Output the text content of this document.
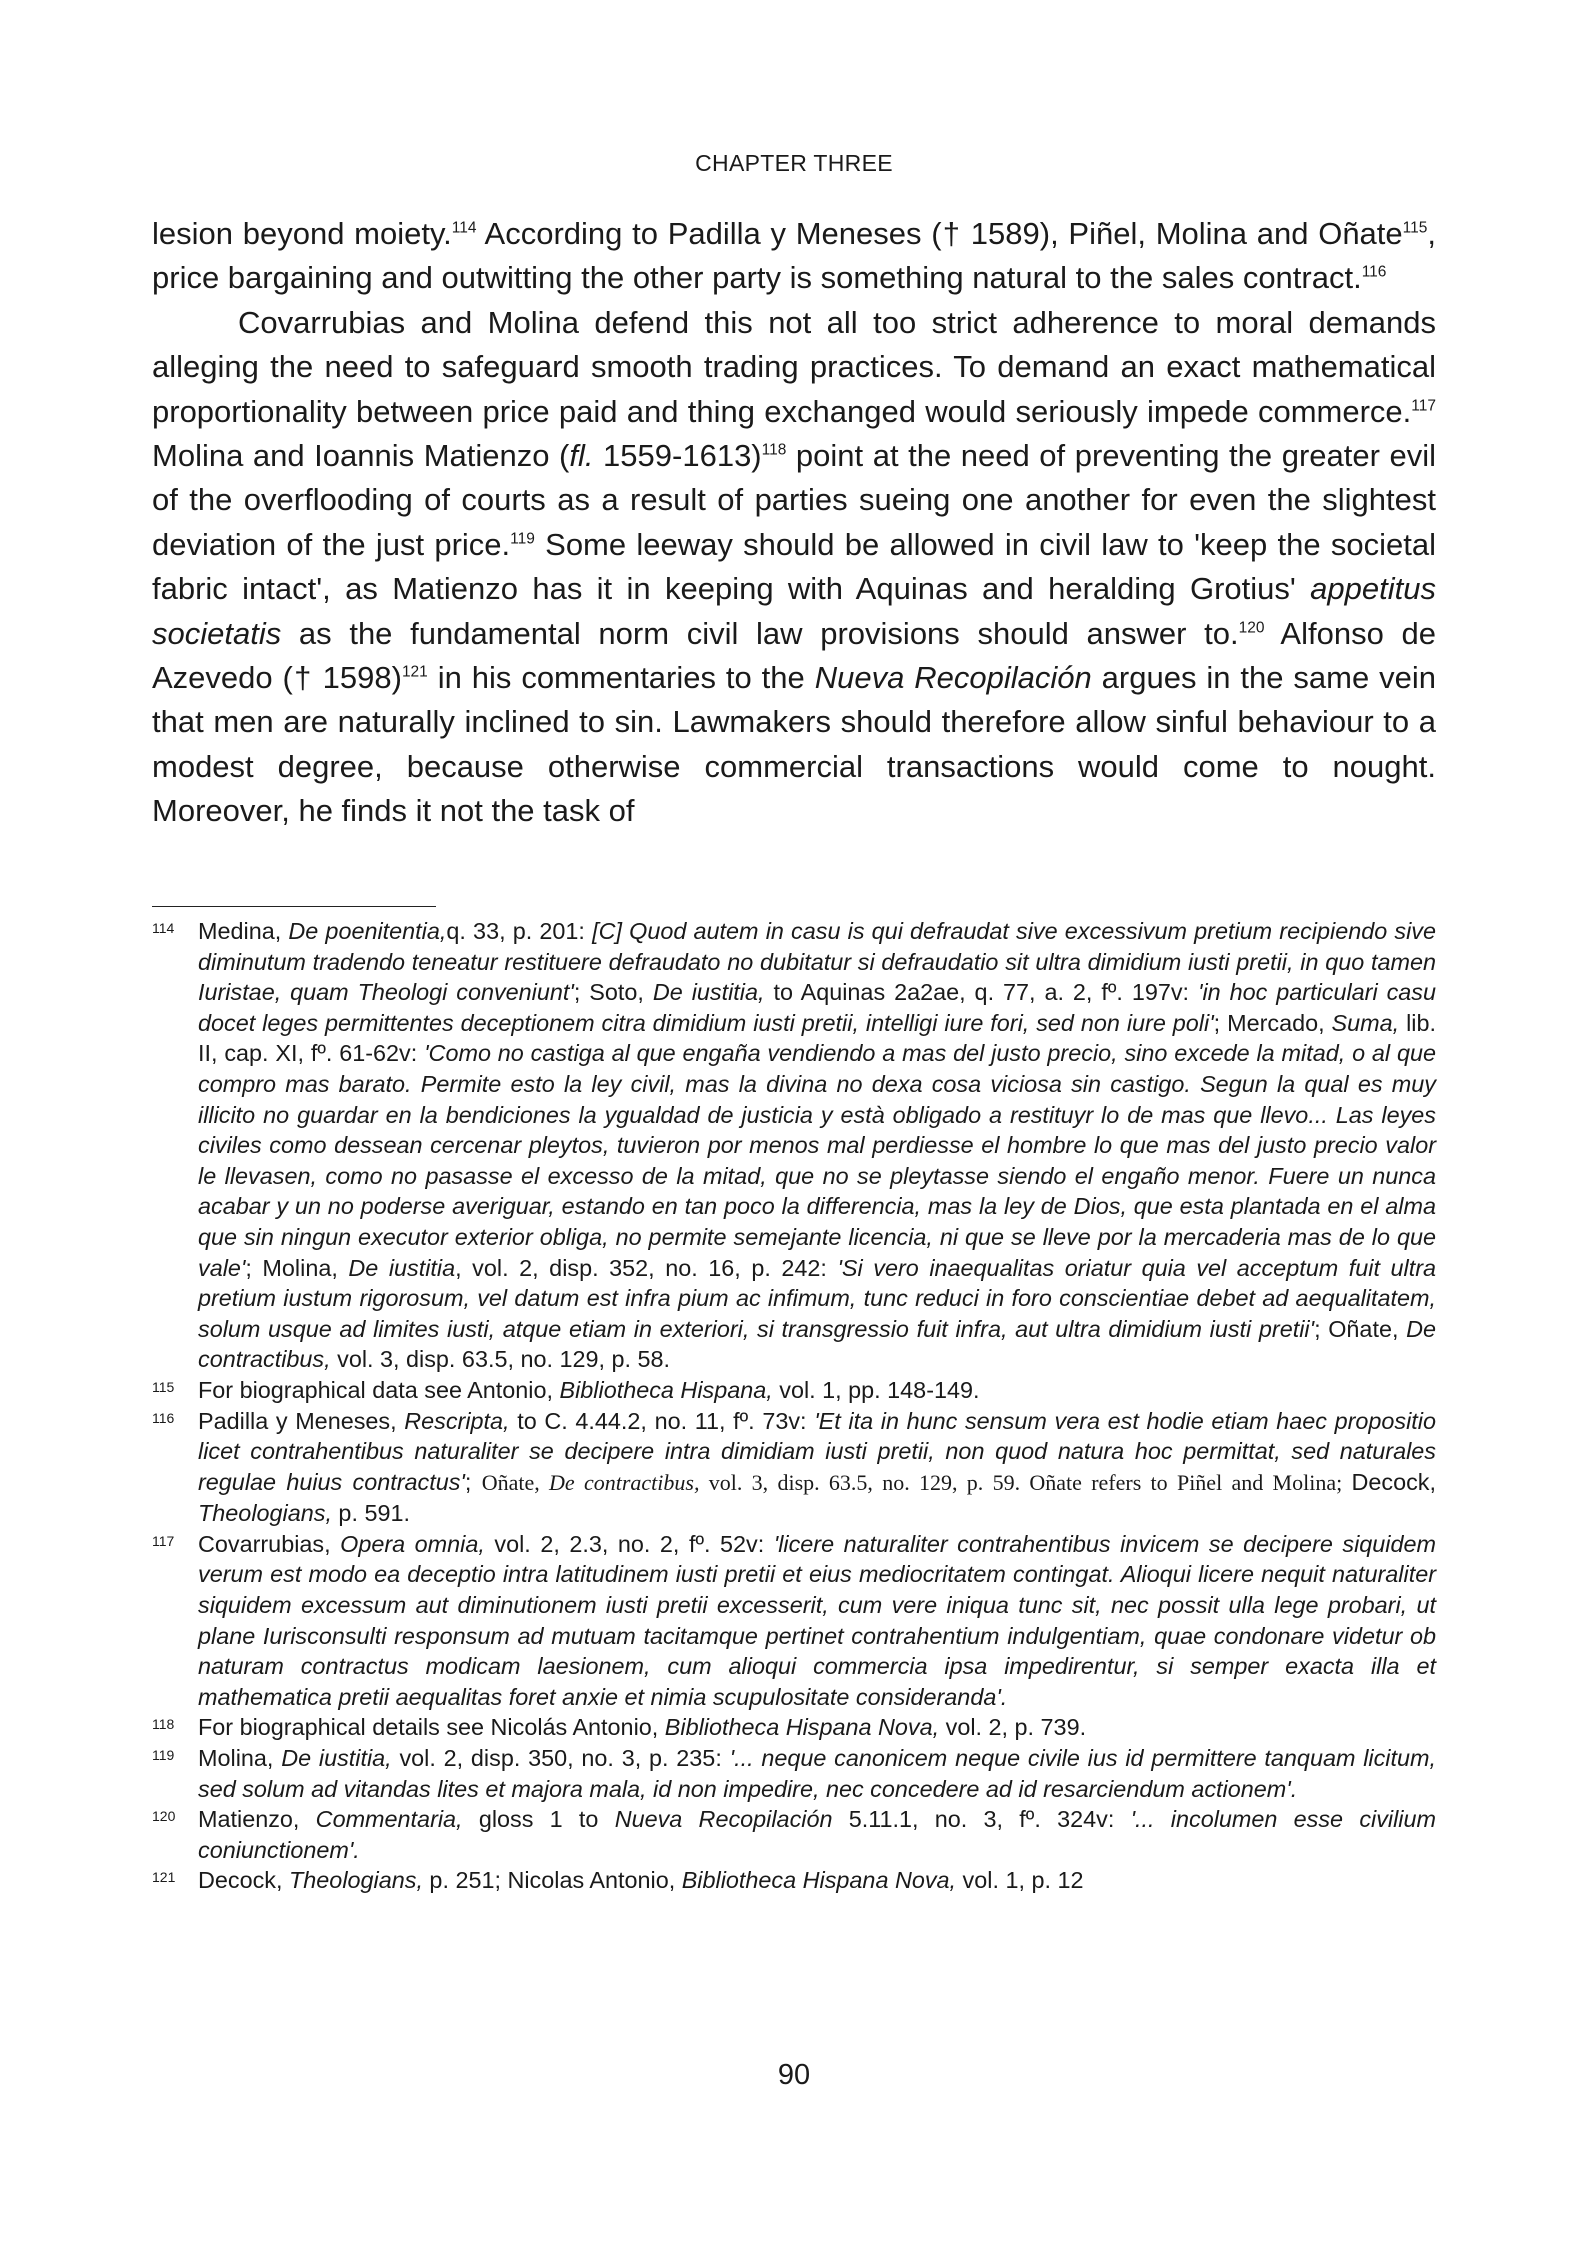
CHAPTER THREE

lesion beyond moiety.$^{114}$ According to Padilla y Meneses († 1589), Piñel, Molina and Oñate$^{115}$, price bargaining and outwitting the other party is something natural to the sales contract.$^{116}$

Covarrubias and Molina defend this not all too strict adherence to moral demands alleging the need to safeguard smooth trading practices. To demand an exact mathematical proportionality between price paid and thing exchanged would seriously impede commerce.$^{117}$ Molina and Ioannis Matienzo (fl. 1559-1613)$^{118}$ point at the need of preventing the greater evil of the overflooding of courts as a result of parties sueing one another for even the slightest deviation of the just price.$^{119}$ Some leeway should be allowed in civil law to 'keep the societal fabric intact', as Matienzo has it in keeping with Aquinas and heralding Grotius' appetitus societatis as the fundamental norm civil law provisions should answer to.$^{120}$ Alfonso de Azevedo († 1598)$^{121}$ in his commentaries to the Nueva Recopilación argues in the same vein that men are naturally inclined to sin. Lawmakers should therefore allow sinful behaviour to a modest degree, because otherwise commercial transactions would come to nought. Moreover, he finds it not the task of

114	Medina, De poenitentia,q. 33, p. 201: [C] Quod autem in casu is qui defraudat sive excessivum pretium recipiendo sive diminutum tradendo teneatur restituere defraudato no dubitatur si defraudatio sit ultra dimidium iusti pretii, in quo tamen Iuristae, quam Theologi conveniunt'; Soto, De iustitia, to Aquinas 2a2ae, q. 77, a. 2, fº. 197v: 'in hoc particulari casu docet leges permittentes deceptionem citra dimidium iusti pretii, intelligi iure fori, sed non iure poli'; Mercado, Suma, lib. II, cap. XI, fº. 61-62v: 'Como no castiga al que engaña vendiendo a mas del justo precio, sino excede la mitad, o al que compro mas barato. Permite esto la ley civil, mas la divina no dexa cosa viciosa sin castigo. Segun la qual es muy illicito no guardar en la bendiciones la ygualdad de justicia y està obligado a restituyr lo de mas que llevo... Las leyes civiles como dessean cercenar pleytos, tuvieron por menos mal perdiesse el hombre lo que mas del justo precio valor le llevasen, como no pasasse el excesso de la mitad, que no se pleytasse siendo el engaño menor. Fuere un nunca acabar y un no poderse averiguar, estando en tan poco la differencia, mas la ley de Dios, que esta plantada en el alma que sin ningun executor exterior obliga, no permite semejante licencia, ni que se lleve por la mercaderia mas de lo que vale'; Molina, De iustitia, vol. 2, disp. 352, no. 16, p. 242: 'Si vero inaequalitas oriatur quia vel acceptum fuit ultra pretium iustum rigorosum, vel datum est infra pium ac infimum, tunc reduci in foro conscientiae debet ad aequalitatem, solum usque ad limites iusti, atque etiam in exteriori, si transgressio fuit infra, aut ultra dimidium iusti pretii'; Oñate, De contractibus, vol. 3, disp. 63.5, no. 129, p. 58.
115	For biographical data see Antonio, Bibliotheca Hispana, vol. 1, pp. 148-149.
116	Padilla y Meneses, Rescripta, to C. 4.44.2, no. 11, fº. 73v: 'Et ita in hunc sensum vera est hodie etiam haec propositio licet contrahentibus naturaliter se decipere intra dimidiam iusti pretii, non quod natura hoc permittat, sed naturales regulae huius contractus'; Oñate, De contractibus, vol. 3, disp. 63.5, no. 129, p. 59. Oñate refers to Piñel and Molina; Decock, Theologians, p. 591.
117	Covarrubias, Opera omnia, vol. 2, 2.3, no. 2, fº. 52v: 'licere naturaliter contrahentibus invicem se decipere siquidem verum est modo ea deceptio intra latitudinem iusti pretii et eius mediocritatem contingat. Alioqui licere nequit naturaliter siquidem excessum aut diminutionem iusti pretii excesserit, cum vere iniqua tunc sit, nec possit ulla lege probari, ut plane Iurisconsulti responsum ad mutuam tacitamque pertinet contrahentium indulgentiam, quae condonare videtur ob naturam contractus modicam laesionem, cum alioqui commercia ipsa impedirentur, si semper exacta illa et mathematica pretii aequalitas foret anxie et nimia scupulositate consideranda'.
118	For biographical details see Nicolás Antonio, Bibliotheca Hispana Nova, vol. 2, p. 739.
119	Molina, De iustitia, vol. 2, disp. 350, no. 3, p. 235: '... neque canonicem neque civile ius id permittere tanquam licitum, sed solum ad vitandas lites et majora mala, id non impedire, nec concedere ad id resarciendum actionem'.
120 Matienzo, Commentaria, gloss 1 to Nueva Recopilación 5.11.1, no. 3, fº. 324v: '... incolumen esse civilium coniunctionem'.
121 Decock, Theologians, p. 251; Nicolas Antonio, Bibliotheca Hispana Nova, vol. 1, p. 12
90
